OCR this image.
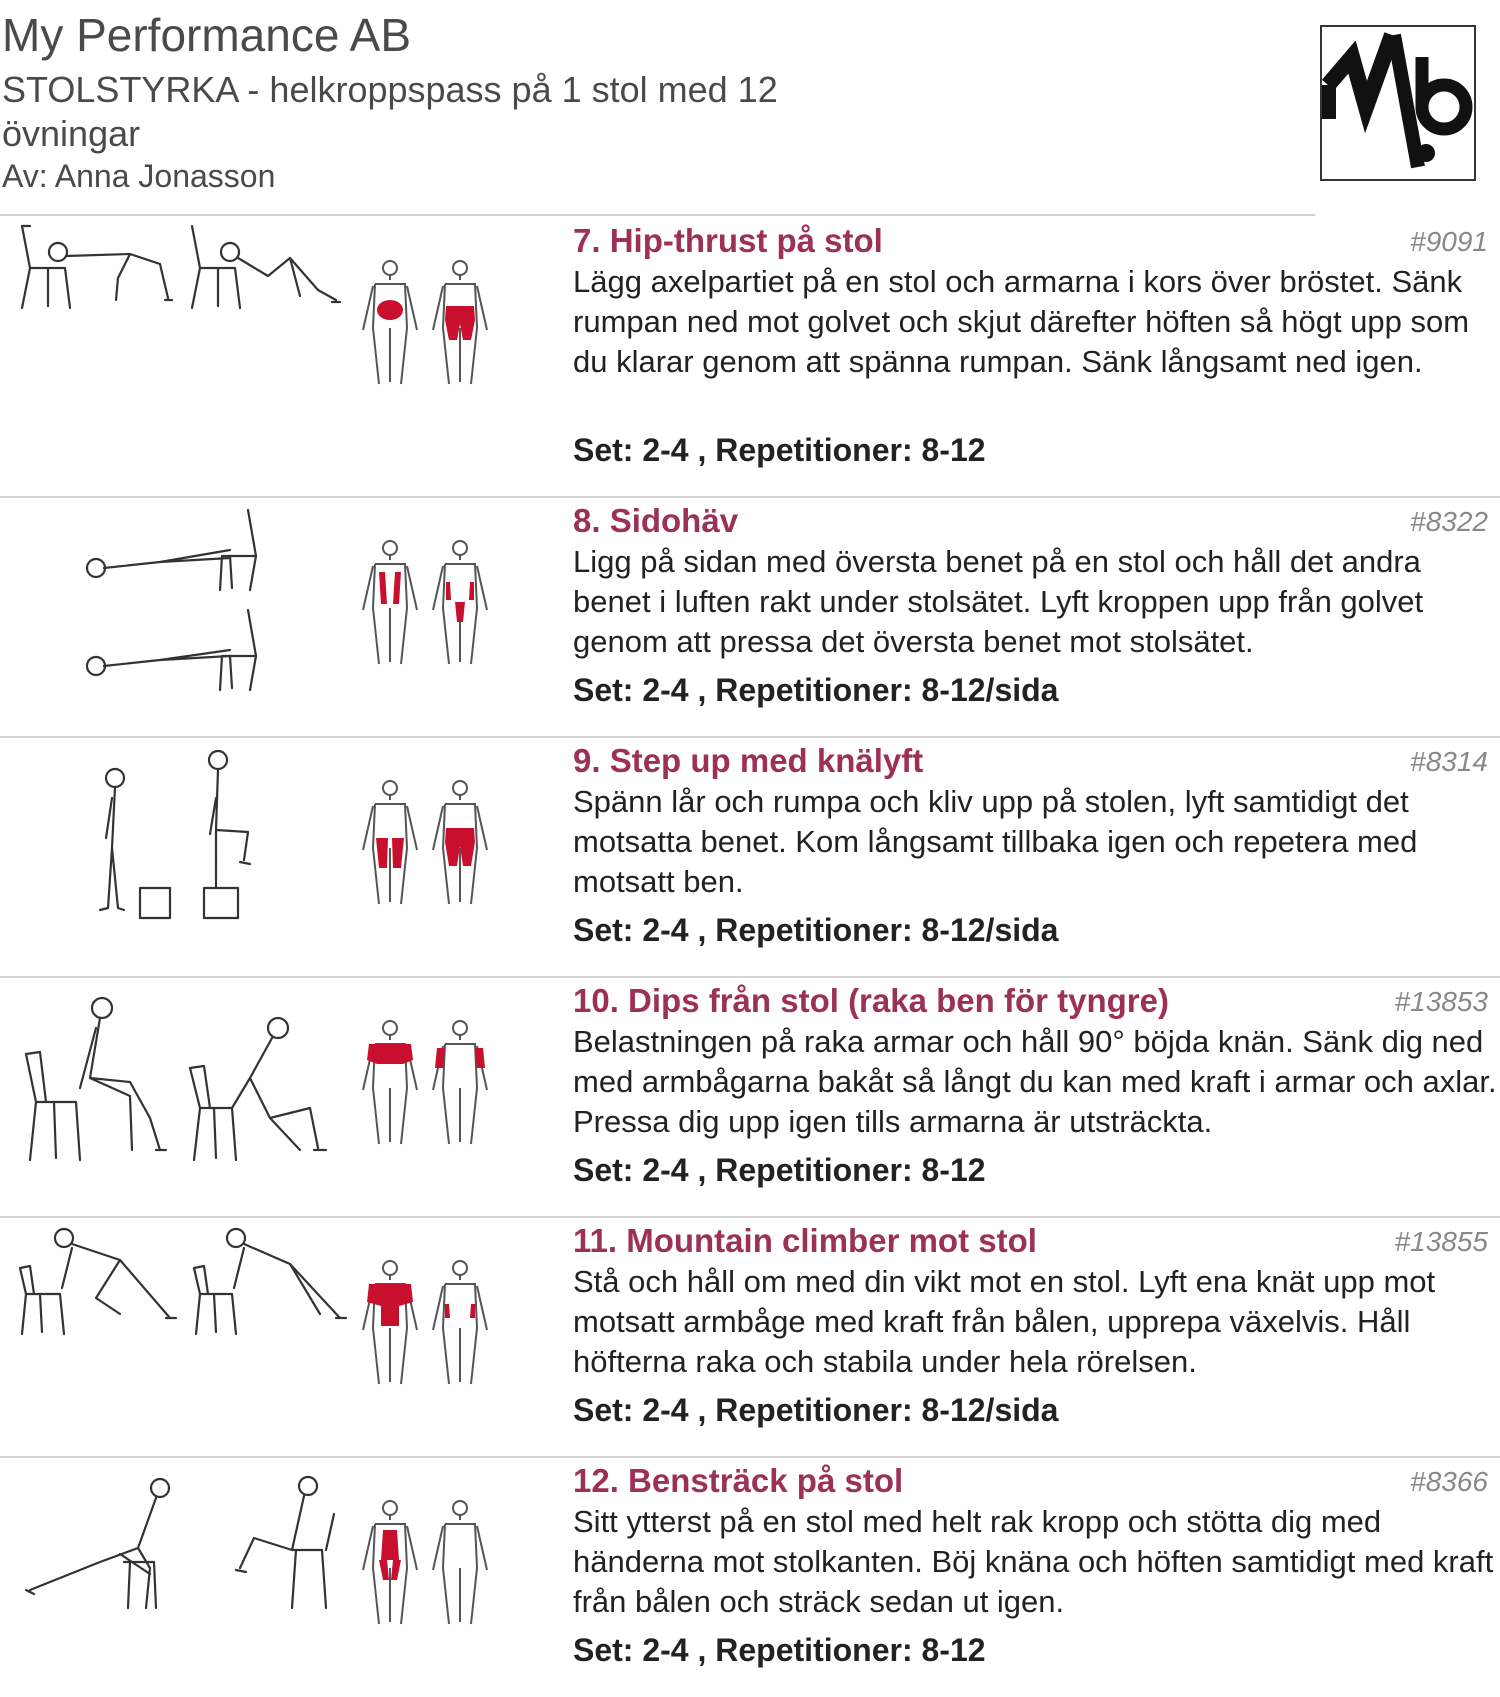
My Performance AB
STOLSTYRKA - helkroppspass på 1 stol med 12 övningar
Av: Anna Jonasson
7. Hip-thrust på stol	#9091

Lägg axelpartiet på en stol och armarna i kors över bröstet. Sänk rumpan ned mot golvet och skjut därefter höften så högt upp som du klarar genom att spänna rumpan. Sänk långsamt ned igen.

Set: 2-4 , Repetitioner: 8-12
8. Sidohäv	#8322

Ligg på sidan med översta benet på en stol och håll det andra benet i luften rakt under stolsätet. Lyft kroppen upp från golvet genom att pressa det översta benet mot stolsätet.

Set: 2-4 , Repetitioner: 8-12/sida
9. Step up med knälyft	#8314

Spänn lår och rumpa och kliv upp på stolen, lyft samtidigt det motsatta benet. Kom långsamt tillbaka igen och repetera med motsatt ben.

Set: 2-4 , Repetitioner: 8-12/sida
10. Dips från stol (raka ben för tyngre)	#13853

Belastningen på raka armar och håll 90° böjda knän. Sänk dig ned med armbågarna bakåt så långt du kan med kraft i armar och axlar. Pressa dig upp igen tills armarna är utsträckta.

Set: 2-4 , Repetitioner: 8-12
11. Mountain climber mot stol	#13855

Stå och håll om med din vikt mot en stol. Lyft ena knät upp mot motsatt armbåge med kraft från bålen, upprepa växelvis. Håll höfterna raka och stabila under hela rörelsen.

Set: 2-4 , Repetitioner: 8-12/sida
12. Bensträck på stol	#8366

Sitt ytterst på en stol med helt rak kropp och stötta dig med händerna mot stolkanten. Böj knäna och höften samtidigt med kraft från bålen och sträck sedan ut igen.

Set: 2-4 , Repetitioner: 8-12
